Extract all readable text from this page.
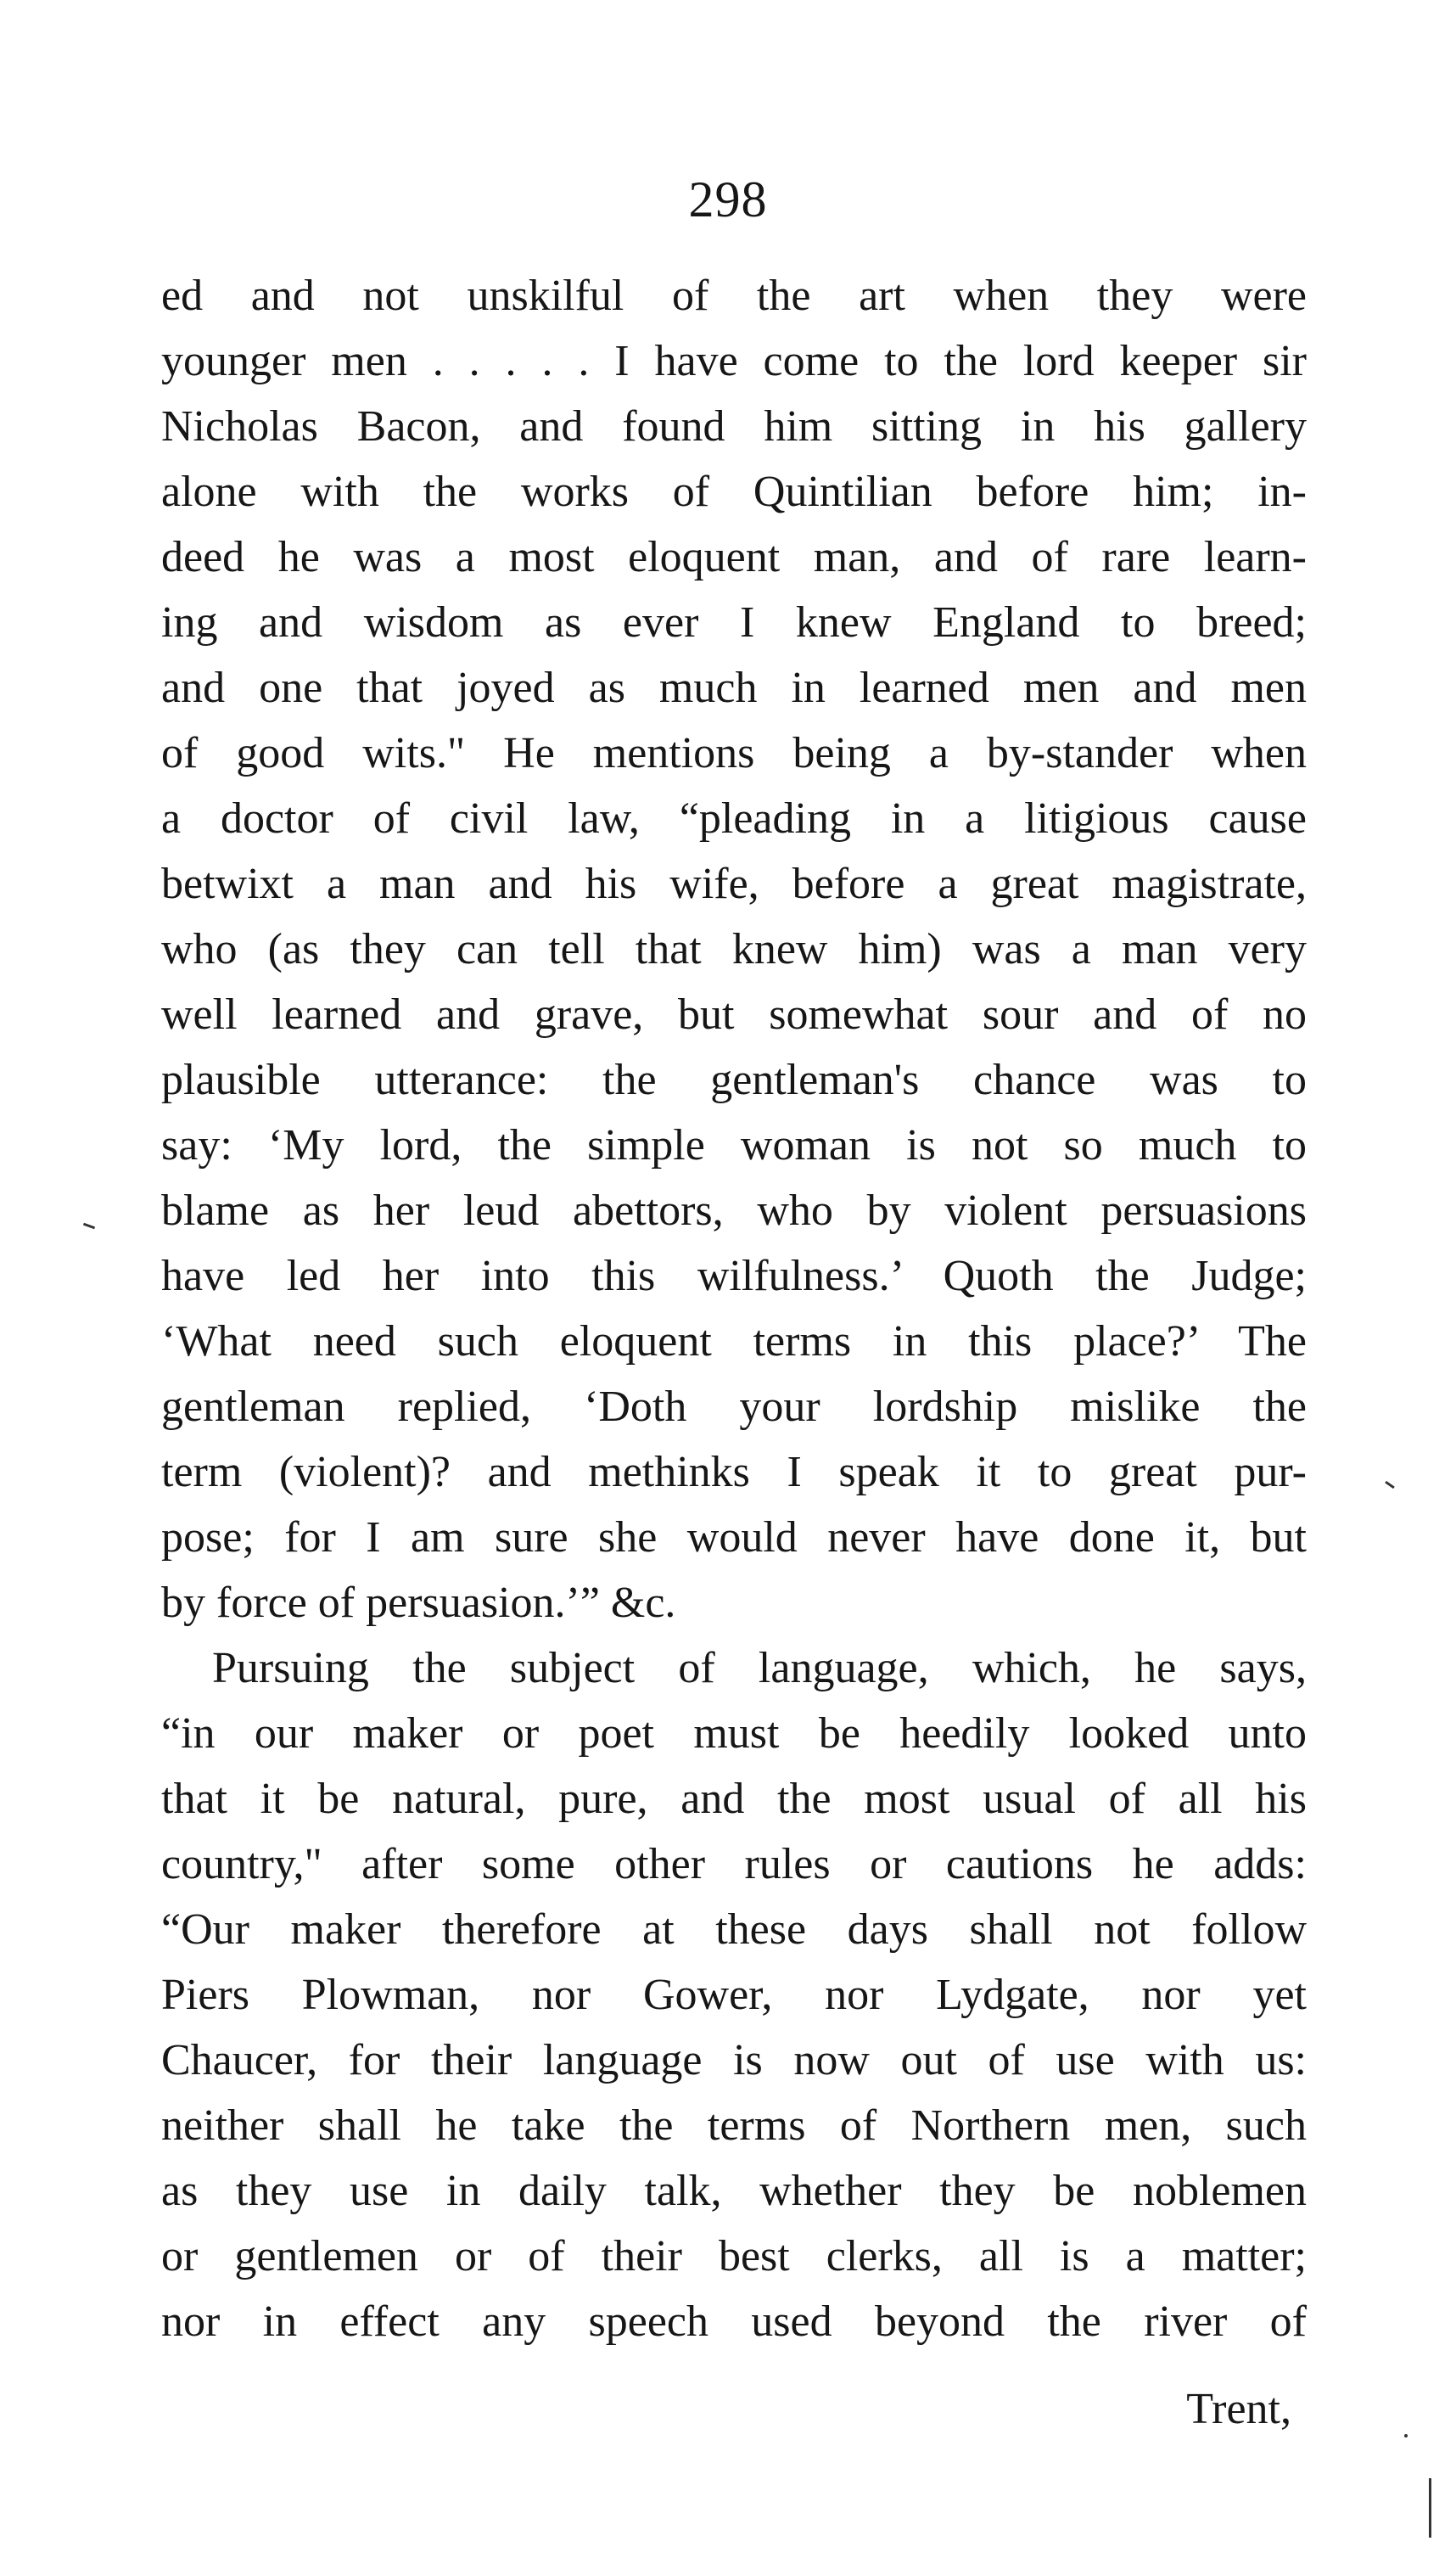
298
ed and not unskilful of the art when they were
younger men . . . . . I have come to the lord keeper sir
Nicholas Bacon, and found him sitting in his gallery
alone with the works of Quintilian before him; in-
deed he was a most eloquent man, and of rare learn-
ing and wisdom as ever I knew England to breed;
and one that joyed as much in learned men and men
of good wits." He mentions being a by-stander when
a doctor of civil law, “pleading in a litigious cause
betwixt a man and his wife, before a great magistrate,
who (as they can tell that knew him) was a man very
well learned and grave, but somewhat sour and of no
plausible utterance: the gentleman's chance was to
say: ‘My lord, the simple woman is not so much to
blame as her leud abettors, who by violent persuasions
have led her into this wilfulness.’ Quoth the Judge;
‘What need such eloquent terms in this place?’ The
gentleman replied, ‘Doth your lordship mislike the
term (violent)? and methinks I speak it to great pur-
pose; for I am sure she would never have done it, but
by force of persuasion.’” &c.
Pursuing the subject of language, which, he says,
“in our maker or poet must be heedily looked unto
that it be natural, pure, and the most usual of all his
country," after some other rules or cautions he adds:
“Our maker therefore at these days shall not follow
Piers Plowman, nor Gower, nor Lydgate, nor yet
Chaucer, for their language is now out of use with us:
neither shall he take the terms of Northern men, such
as they use in daily talk, whether they be noblemen
or gentlemen or of their best clerks, all is a matter;
nor in effect any speech used beyond the river of
Trent,
